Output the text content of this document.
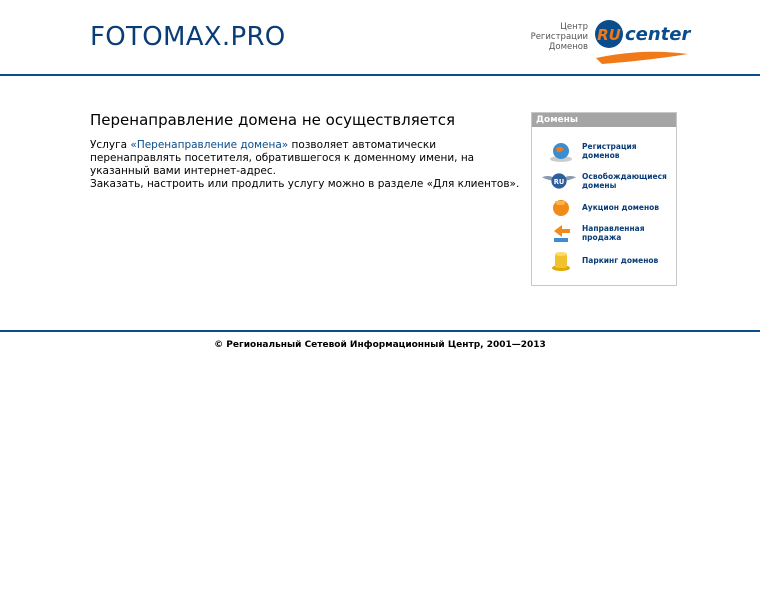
FOTOMAX.PRO	Центр
Регистрации
Доменов
RU center
Перенаправление домена не осуществляется
Услуга «Перенаправление домена» позволяет автоматически перенаправлять посетителя, обратившегося к доменному имени, на указанный вами интернет-адрес.
Заказать, настроить или продлить услугу можно в разделе «Для клиентов».
Домены
Регистрация доменов
RU
Освобождающиеся домены
Аукцион доменов
Направленная продажа
Паркинг доменов
© Региональный Сетевой Информационный Центр, 2001—2013
